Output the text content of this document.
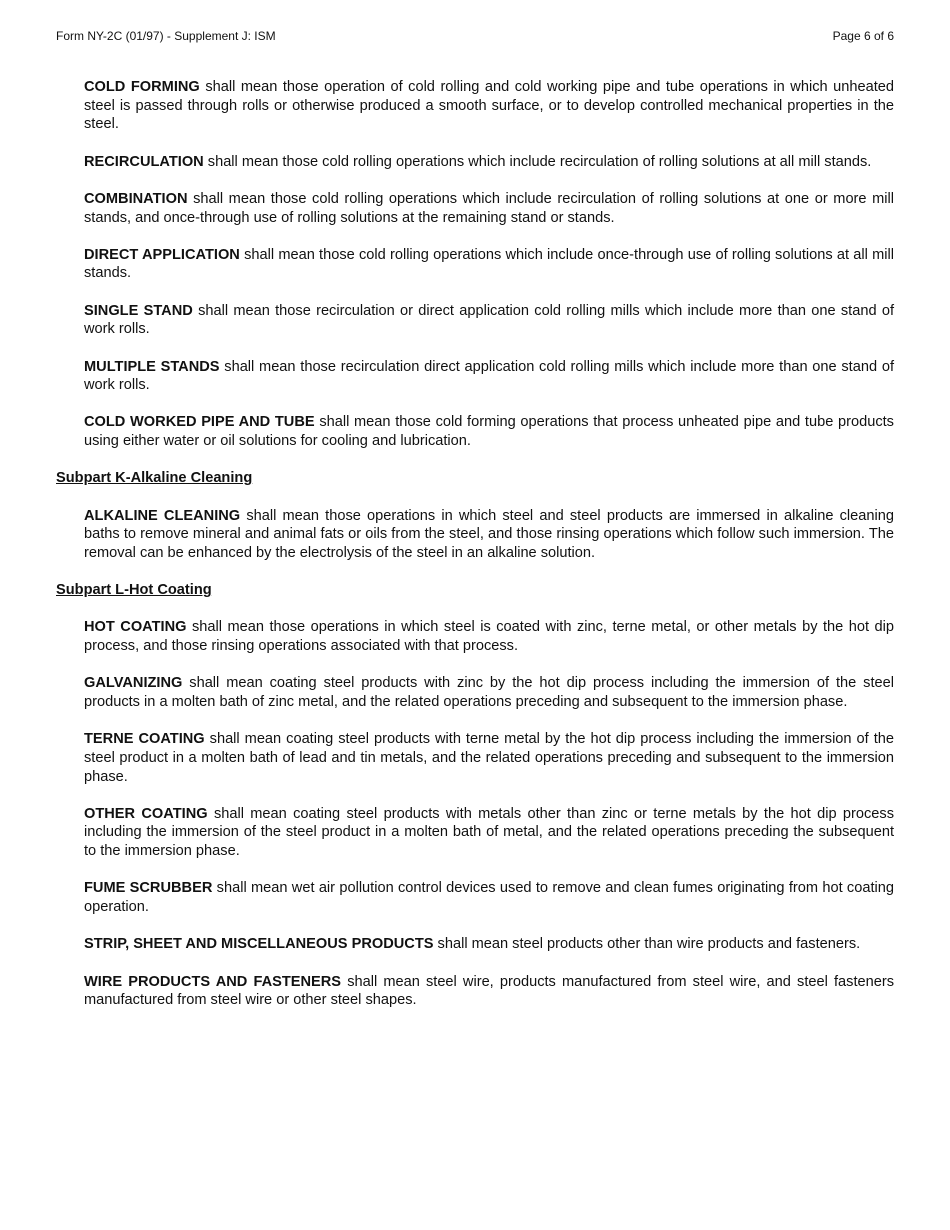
Form NY-2C (01/97) - Supplement J: ISM	Page 6 of 6

COLD FORMING shall mean those operation of cold rolling and cold working pipe and tube operations in which unheated steel is passed through rolls or otherwise produced a smooth surface, or to develop controlled mechanical properties in the steel.

RECIRCULATION shall mean those cold rolling operations which include recirculation of rolling solutions at all mill stands.

COMBINATION shall mean those cold rolling operations which include recirculation of rolling solutions at one or more mill stands, and once-through use of rolling solutions at the remaining stand or stands.

DIRECT APPLICATION shall mean those cold rolling operations which include once-through use of rolling solutions at all mill stands.

SINGLE STAND shall mean those recirculation or direct application cold rolling mills which include more than one stand of work rolls.

MULTIPLE STANDS shall mean those recirculation direct application cold rolling mills which include more than one stand of work rolls.

COLD WORKED PIPE AND TUBE shall mean those cold forming operations that process unheated pipe and tube products using either water or oil solutions for cooling and lubrication.

Subpart K-Alkaline Cleaning

ALKALINE CLEANING shall mean those operations in which steel and steel products are immersed in alkaline cleaning baths to remove mineral and animal fats or oils from the steel, and those rinsing operations which follow such immersion. The removal can be enhanced by the electrolysis of the steel in an alkaline solution.

Subpart L-Hot Coating

HOT COATING shall mean those operations in which steel is coated with zinc, terne metal, or other metals by the hot dip process, and those rinsing operations associated with that process.

GALVANIZING shall mean coating steel products with zinc by the hot dip process including the immersion of the steel products in a molten bath of zinc metal, and the related operations preceding and subsequent to the immersion phase.

TERNE COATING shall mean coating steel products with terne metal by the hot dip process including the immersion of the steel product in a molten bath of lead and tin metals, and the related operations preceding and subsequent to the immersion phase.

OTHER COATING shall mean coating steel products with metals other than zinc or terne metals by the hot dip process including the immersion of the steel product in a molten bath of metal, and the related operations preceding the subsequent to the immersion phase.

FUME SCRUBBER shall mean wet air pollution control devices used to remove and clean fumes originating from hot coating operation.

STRIP, SHEET AND MISCELLANEOUS PRODUCTS shall mean steel products other than wire products and fasteners.

WIRE PRODUCTS AND FASTENERS shall mean steel wire, products manufactured from steel wire, and steel fasteners manufactured from steel wire or other steel shapes.
